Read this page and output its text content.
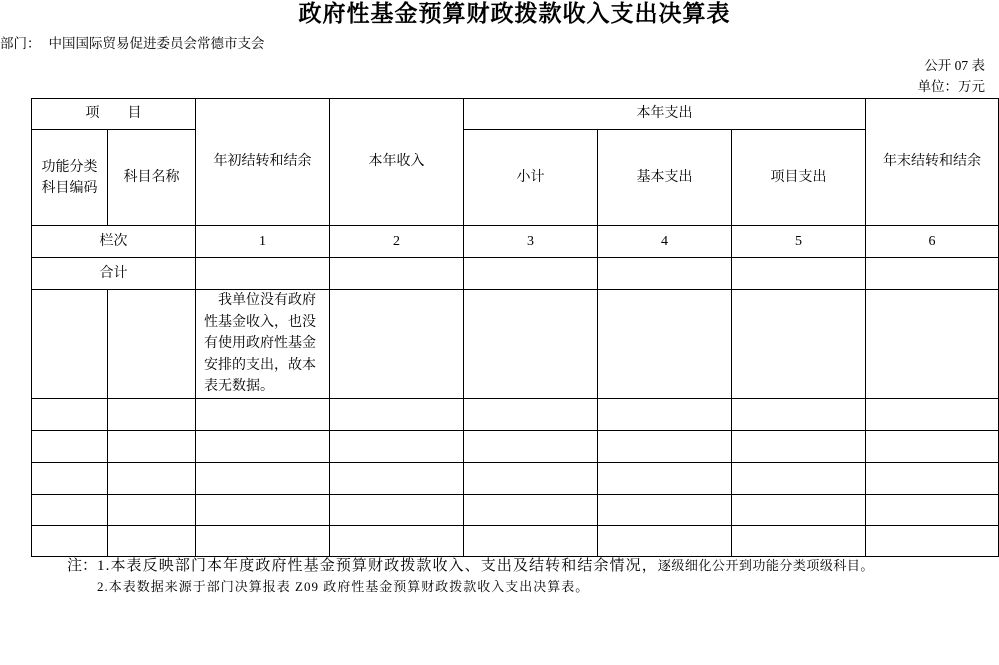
政府性基金预算财政拨款收入支出决算表
部门： 中国国际贸易促进委员会常德市支会
公开 07 表
单位：万元
项　　目		年初结转和结余	本年收入	本年支出			年末结转和结余

功能分类
科目编码	科目名称			小计	基本支出	项目支出	
栏次		1	2	3	4	5	6
合计							
		我单位没有政府性基金收入，也没有使用政府性基金安排的支出，故本表无数据。					

注： 1.本表反映部门本年度政府性基金预算财政拨款收入、支出及结转和结余情况，逐级细化公开到功能分类项级科目。
2.本表数据来源于部门决算报表 Z09 政府性基金预算财政拨款收入支出决算表。
